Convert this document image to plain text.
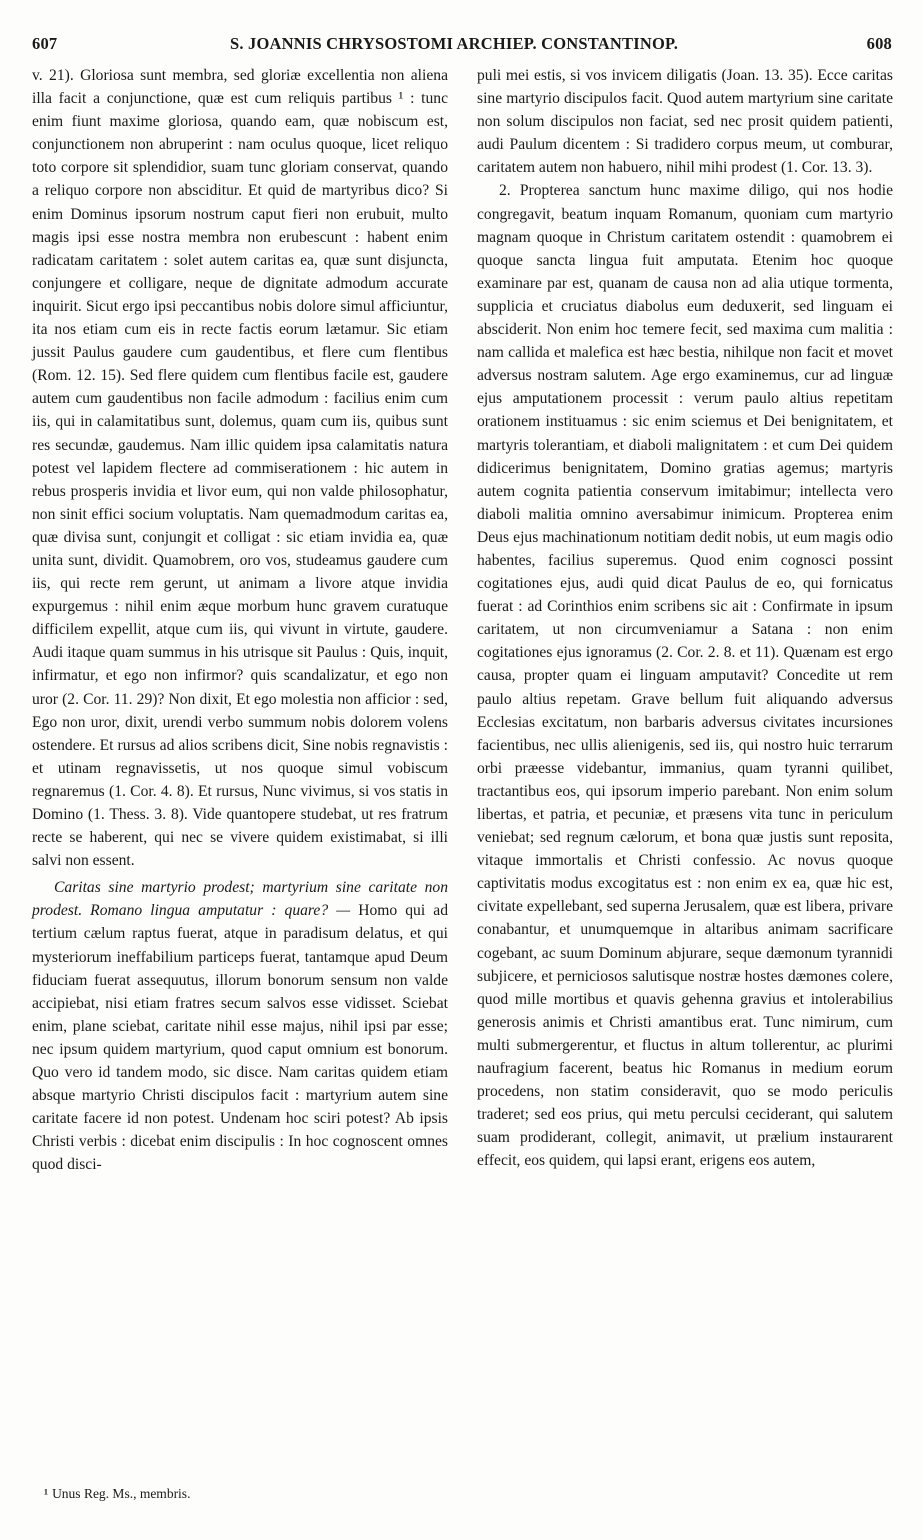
607	S. JOANNIS CHRYSOSTOMI ARCHIEP. CONSTANTINOP.	608

v. 21). Gloriosa sunt membra, sed gloriæ excellentia non aliena illa facit a conjunctione, quæ est cum reliquis partibus ¹ : tunc enim fiunt maxime gloriosa, quando eam, quæ nobiscum est, conjunctionem non abruperint : nam oculus quoque, licet reliquo toto corpore sit splendidior, suam tunc gloriam conservat, quando a reliquo corpore non absciditur. Et quid de martyribus dico? Si enim Dominus ipsorum nostrum caput fieri non erubuit, multo magis ipsi esse nostra membra non erubescunt : habent enim radicatam caritatem : solet autem caritas ea, quæ sunt disjuncta, conjungere et colligare, neque de dignitate admodum accurate inquirit. Sicut ergo ipsi peccantibus nobis dolore simul afficiuntur, ita nos etiam cum eis in recte factis eorum lætamur. Sic etiam jussit Paulus gaudere cum gaudentibus, et flere cum flentibus (Rom. 12. 15). Sed flere quidem cum flentibus facile est, gaudere autem cum gaudentibus non facile admodum : facilius enim cum iis, qui in calamitatibus sunt, dolemus, quam cum iis, quibus sunt res secundæ, gaudemus. Nam illic quidem ipsa calamitatis natura potest vel lapidem flectere ad commiserationem : hic autem in rebus prosperis invidia et livor eum, qui non valde philosophatur, non sinit effici socium voluptatis. Nam quemadmodum caritas ea, quæ divisa sunt, conjungit et colligat : sic etiam invidia ea, quæ unita sunt, dividit. Quamobrem, oro vos, studeamus gaudere cum iis, qui recte rem gerunt, ut animam a livore atque invidia expurgemus : nihil enim æque morbum hunc gravem curatuque difficilem expellit, atque cum iis, qui vivunt in virtute, gaudere. Audi itaque quam summus in his utrisque sit Paulus : Quis, inquit, infirmatur, et ego non infirmor? quis scandalizatur, et ego non uror (2. Cor. 11. 29)? Non dixit, Et ego molestia non afficior : sed, Ego non uror, dixit, urendi verbo summum nobis dolorem volens ostendere. Et rursus ad alios scribens dicit, Sine nobis regnavistis : et utinam regnavissetis, ut nos quoque simul vobiscum regnaremus (1. Cor. 4. 8). Et rursus, Nunc vivimus, si vos statis in Domino (1. Thess. 3. 8). Vide quantopere studebat, ut res fratrum recte se haberent, qui nec se vivere quidem existimabat, si illi salvi non essent.

Caritas sine martyrio prodest; martyrium sine caritate non prodest. Romano lingua amputatur : quare? — Homo qui ad tertium cælum raptus fuerat, atque in paradisum delatus, et qui mysteriorum ineffabilium particeps fuerat, tantamque apud Deum fiduciam fuerat assequutus, illorum bonorum sensum non valde accipiebat, nisi etiam fratres secum salvos esse vidisset. Sciebat enim, plane sciebat, caritate nihil esse majus, nihil ipsi par esse; nec ipsum quidem martyrium, quod caput omnium est bonorum. Quo vero id tandem modo, sic disce. Nam caritas quidem etiam absque martyrio Christi discipulos facit : martyrium autem sine caritate facere id non potest. Undenam hoc sciri potest? Ab ipsis Christi verbis : dicebat enim discipulis : In hoc cognoscent omnes quod disci-

puli mei estis, si vos invicem diligatis (Joan. 13. 35). Ecce caritas sine martyrio discipulos facit. Quod autem martyrium sine caritate non solum discipulos non faciat, sed nec prosit quidem patienti, audi Paulum dicentem : Si tradidero corpus meum, ut comburar, caritatem autem non habuero, nihil mihi prodest (1. Cor. 13. 3).

2. Propterea sanctum hunc maxime diligo, qui nos hodie congregavit, beatum inquam Romanum, quoniam cum martyrio magnam quoque in Christum caritatem ostendit : quamobrem ei quoque sancta lingua fuit amputata. Etenim hoc quoque examinare par est, quanam de causa non ad alia utique tormenta, supplicia et cruciatus diabolus eum deduxerit, sed linguam ei absciderit. Non enim hoc temere fecit, sed maxima cum malitia : nam callida et malefica est hæc bestia, nihilque non facit et movet adversus nostram salutem. Age ergo examinemus, cur ad linguæ ejus amputationem processit : verum paulo altius repetitam orationem instituamus : sic enim sciemus et Dei benignitatem, et martyris tolerantiam, et diaboli malignitatem : et cum Dei quidem didicerimus benignitatem, Domino gratias agemus; martyris autem cognita patientia conservum imitabimur; intellecta vero diaboli malitia omnino aversabimur inimicum. Propterea enim Deus ejus machinationum notitiam dedit nobis, ut eum magis odio habentes, facilius superemus. Quod enim cognosci possint cogitationes ejus, audi quid dicat Paulus de eo, qui fornicatus fuerat : ad Corinthios enim scribens sic ait : Confirmate in ipsum caritatem, ut non circumveniamur a Satana : non enim cogitationes ejus ignoramus (2. Cor. 2. 8. et 11). Quænam est ergo causa, propter quam ei linguam amputavit? Concedite ut rem paulo altius repetam. Grave bellum fuit aliquando adversus Ecclesias excitatum, non barbaris adversus civitates incursiones facientibus, nec ullis alienigenis, sed iis, qui nostro huic terrarum orbi præesse videbantur, immanius, quam tyranni quilibet, tractantibus eos, qui ipsorum imperio parebant. Non enim solum libertas, et patria, et pecuniæ, et præsens vita tunc in periculum veniebat; sed regnum cælorum, et bona quæ justis sunt reposita, vitaque immortalis et Christi confessio. Ac novus quoque captivitatis modus excogitatus est : non enim ex ea, quæ hic est, civitate expellebant, sed superna Jerusalem, quæ est libera, privare conabantur, et unumquemque in altaribus animam sacrificare cogebant, ac suum Dominum abjurare, seque dæmonum tyrannidi subjicere, et perniciosos salutisque nostræ hostes dæmones colere, quod mille mortibus et quavis gehenna gravius et intolerabilius generosis animis et Christi amantibus erat. Tunc nimirum, cum multi submergerentur, et fluctus in altum tollerentur, ac plurimi naufragium facerent, beatus hic Romanus in medium eorum procedens, non statim consideravit, quo se modo periculis traderet; sed eos prius, qui metu perculsi ceciderant, qui salutem suam prodiderant, collegit, animavit, ut prælium instaurarent effecit, eos quidem, qui lapsi erant, erigens eos autem,

¹ Unus Reg. Ms., membris.
